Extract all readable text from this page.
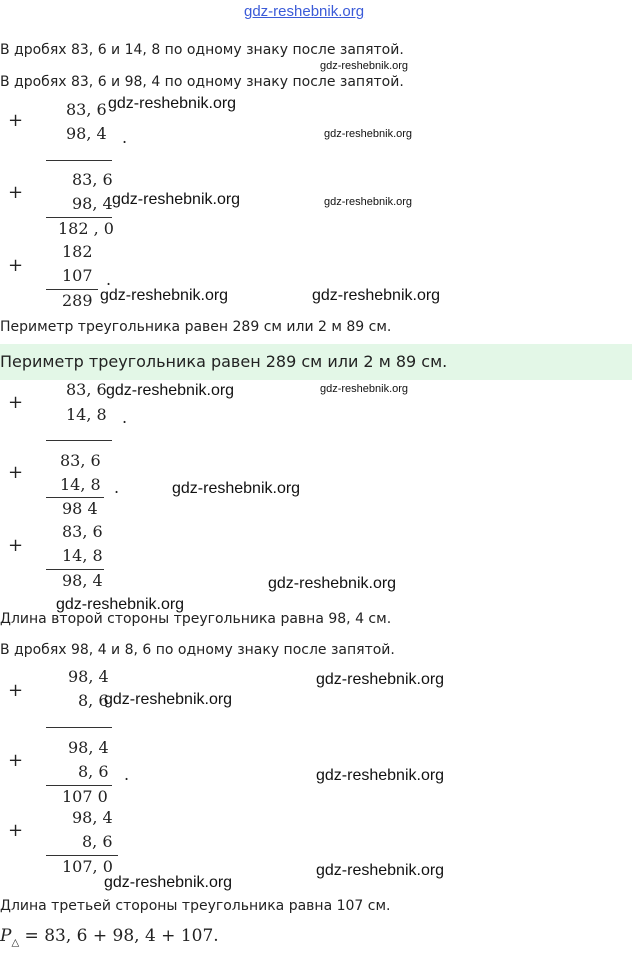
gdz-reshebnik.org
В дробях 83, 6 и 14, 8 по одному знаку после запятой.
gdz-reshebnik.org
В дробях 83, 6 и 98, 4 по одному знаку после запятой.
+
83, 6
98, 4 .
gdz-reshebnik.org
gdz-reshebnik.org
+
83, 6
98, 4 gdz-reshebnik.org	gdz-reshebnik.org
182 , 0
+
182
107 .
289 gdz-reshebnik.org	gdz-reshebnik.org
Периметр треугольника равен 289 см или 2 м 89 см.
Периметр треугольника равен 289 см или 2 м 89 см.
+
83, 6
14, 8 .
gdz-reshebnik.org	gdz-reshebnik.org
+
83, 6
14, 8 .	gdz-reshebnik.org
98 4
+
83, 6
14, 8
98, 4	gdz-reshebnik.org
gdz-reshebnik.org
Длина второй стороны треугольника равна 98, 4 см.
В дробях 98, 4 и 8, 6 по одному знаку после запятой.
+
98, 4
8, 6
gdz-reshebnik.org
gdz-reshebnik.org
+
98, 4
8, 6 .	gdz-reshebnik.org
107 0
+
98, 4
8, 6
107, 0	gdz-reshebnik.org
gdz-reshebnik.org
Длина третьей стороны треугольника равна 107 см.
$P_\triangle = 83$, 6 + 98, 4 + 107.
